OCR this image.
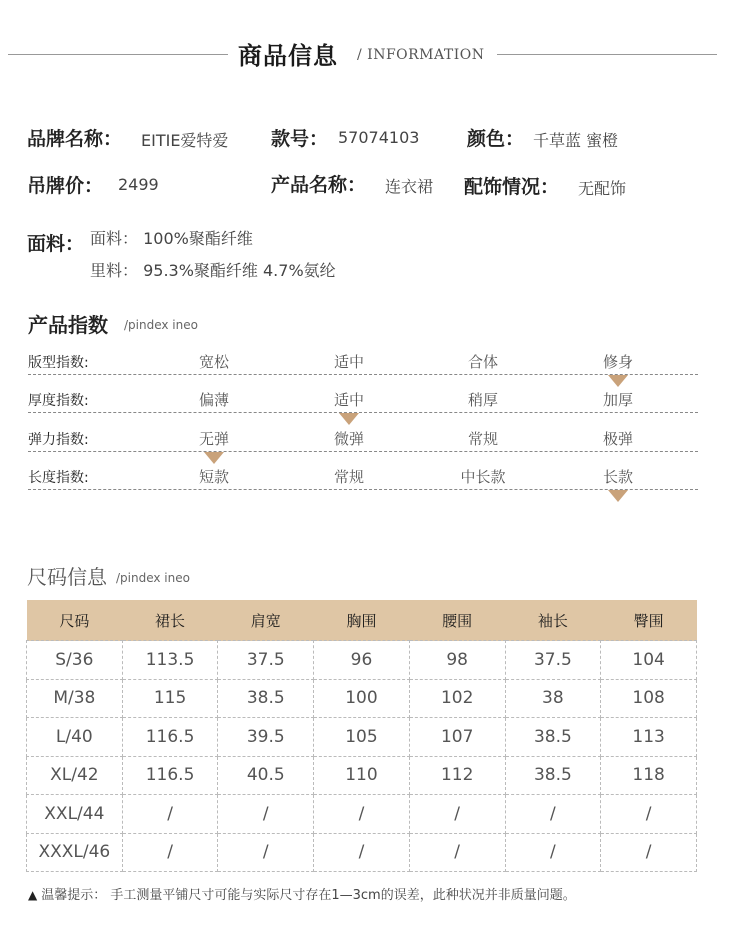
商品信息 / INFORMATION
品牌名称： EITIE爱特爱 款号： 57074103	颜色： 千草蓝 蜜橙
吊牌价： 2499	产品名称： 连衣裙 配饰情况： 无配饰
面料： 面料： 100%聚酯纤维
里料： 95.3%聚酯纤维 4.7%氨纶
产品指数 /pindex ineo
版型指数:	宽松	适中	合体	修身
厚度指数:	偏薄	适中	稍厚	加厚
弹力指数:	无弹	微弹	常规	极弹
长度指数:	短款	常规	中长款	长款
尺码信息 /pindex ineo
尺码	裙长	肩宽	胸围	腰围	袖长	臀围
S/36	113.5	37.5	96	98	37.5	104
M/38	115	38.5	100	102	38	108
L/40	116.5	39.5	105	107	38.5	113
XL/42	116.5	40.5	110	112	38.5	118
XXL/44	/	/	/	/	/	/
XXXL/46	/	/	/	/	/	/
▲ 温馨提示： 手工测量平铺尺寸可能与实际尺寸存在1—3cm的误差，此种状况并非质量问题。
